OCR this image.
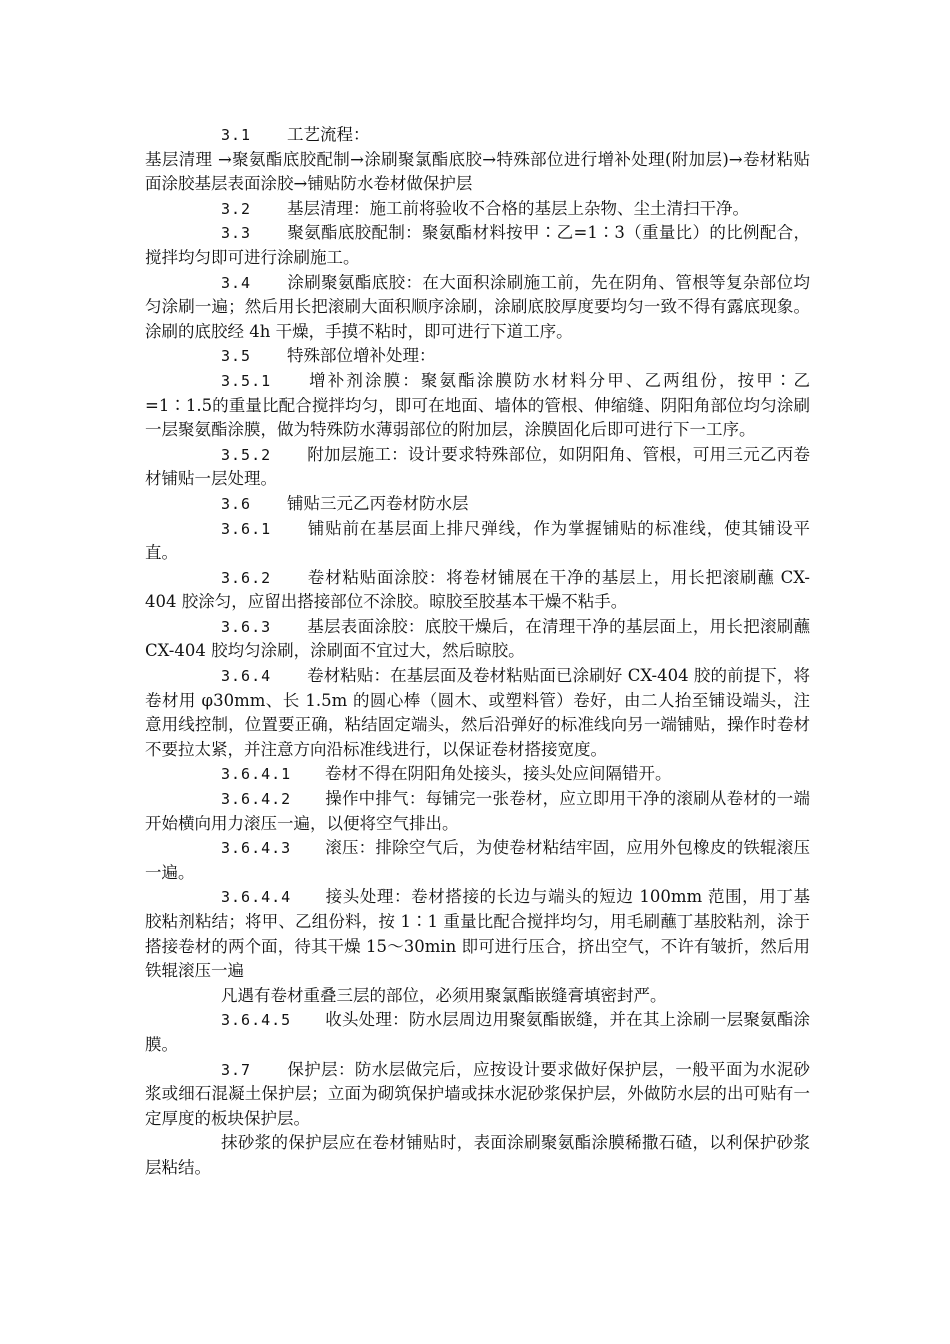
3.1 工艺流程：

基层清理 →聚氨酯底胶配制→涂刷聚氯酯底胶→特殊部位进行增补处理(附加层)→卷材粘贴面涂胶基层表面涂胶→铺贴防水卷材做保护层

3.2 基层清理：施工前将验收不合格的基层上杂物、尘土清扫干净。

3.3 聚氨酯底胶配制：聚氨酯材料按甲∶乙=1∶3（重量比）的比例配合，搅拌均匀即可进行涂刷施工。

3.4 涂刷聚氨酯底胶：在大面积涂刷施工前，先在阴角、管根等复杂部位均匀涂刷一遍；然后用长把滚刷大面积顺序涂刷，涂刷底胶厚度要均匀一致不得有露底现象。涂刷的底胶经 4h 干燥，手摸不粘时，即可进行下道工序。

3.5 特殊部位增补处理：

3.5.1 增补剂涂膜：聚氨酯涂膜防水材料分甲、乙两组份，按甲∶乙=1∶1.5的重量比配合搅拌均匀，即可在地面、墙体的管根、伸缩缝、阴阳角部位均匀涂刷一层聚氨酯涂膜，做为特殊防水薄弱部位的附加层，涂膜固化后即可进行下一工序。

3.5.2 附加层施工：设计要求特殊部位，如阴阳角、管根，可用三元乙丙卷材铺贴一层处理。

3.6 铺贴三元乙丙卷材防水层

3.6.1 铺贴前在基层面上排尺弹线，作为掌握铺贴的标准线，使其铺设平直。

3.6.2 卷材粘贴面涂胶：将卷材铺展在干净的基层上，用长把滚刷蘸 CX-404 胶涂匀，应留出搭接部位不涂胶。晾胶至胶基本干燥不粘手。

3.6.3 基层表面涂胶：底胶干燥后，在清理干净的基层面上，用长把滚刷蘸 CX-404 胶均匀涂刷，涂刷面不宜过大，然后晾胶。

3.6.4 卷材粘贴：在基层面及卷材粘贴面已涂刷好 CX-404 胶的前提下，将卷材用 φ30mm、长 1.5m 的圆心棒（圆木、或塑料管）卷好，由二人抬至铺设端头，注意用线控制，位置要正确，粘结固定端头，然后沿弹好的标准线向另一端铺贴，操作时卷材不要拉太紧，并注意方向沿标准线进行，以保证卷材搭接宽度。

3.6.4.1 卷材不得在阴阳角处接头，接头处应间隔错开。

3.6.4.2 操作中排气：每铺完一张卷材，应立即用干净的滚刷从卷材的一端开始横向用力滚压一遍，以便将空气排出。

3.6.4.3 滚压：排除空气后，为使卷材粘结牢固，应用外包橡皮的铁辊滚压一遍。

3.6.4.4 接头处理：卷材搭接的长边与端头的短边 100mm 范围，用丁基胶粘剂粘结；将甲、乙组份料，按 1∶1 重量比配合搅拌均匀，用毛刷蘸丁基胶粘剂，涂于搭接卷材的两个面，待其干燥 15～30min 即可进行压合，挤出空气，不许有皱折，然后用铁辊滚压一遍

凡遇有卷材重叠三层的部位，必须用聚氯酯嵌缝膏填密封严。

3.6.4.5 收头处理：防水层周边用聚氨酯嵌缝，并在其上涂刷一层聚氨酯涂膜。

3.7 保护层：防水层做完后，应按设计要求做好保护层，一般平面为水泥砂浆或细石混凝土保护层；立面为砌筑保护墙或抹水泥砂浆保护层，外做防水层的出可贴有一定厚度的板块保护层。

抹砂浆的保护层应在卷材铺贴时，表面涂刷聚氨酯涂膜稀撒石碴，以利保护砂浆层粘结。
